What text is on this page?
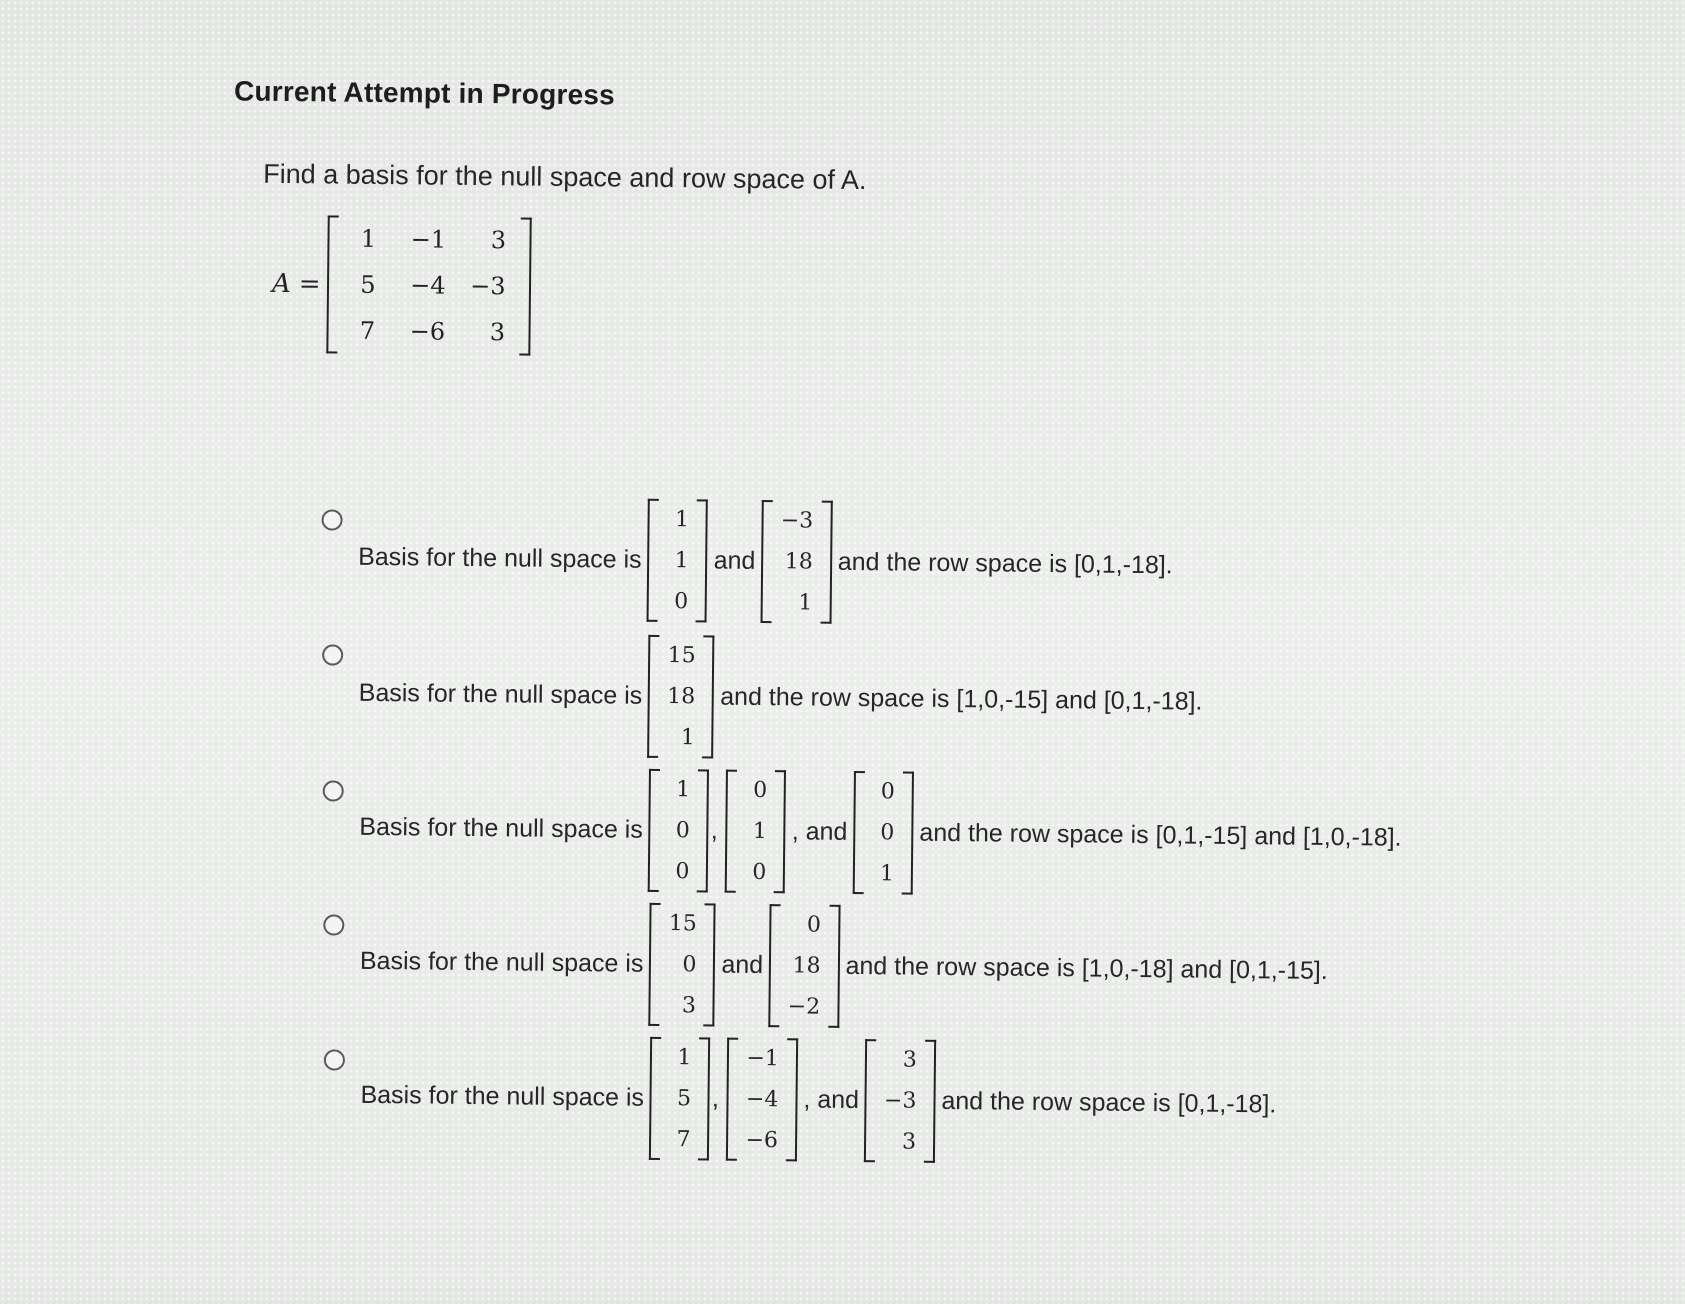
Current Attempt in Progress
Find a basis for the null space and row space of A.
A =
1	−1	3
5	−4	−3
7	−6	3
Basis for the null space is
1
1
0
and
−3
18
1
and the row space is [0,1,-18].
Basis for the null space is
15
18
1
and the row space is [1,0,-15] and [0,1,-18].
Basis for the null space is
1
0
0
,
0
1
0
, and
0
0
1
and the row space is [0,1,-15] and [1,0,-18].
Basis for the null space is
15
0
3
and
0
18
−2
and the row space is [1,0,-18] and [0,1,-15].
Basis for the null space is
1
5
7
,
−1
−4
−6
, and
3
−3
3
and the row space is [0,1,-18].
